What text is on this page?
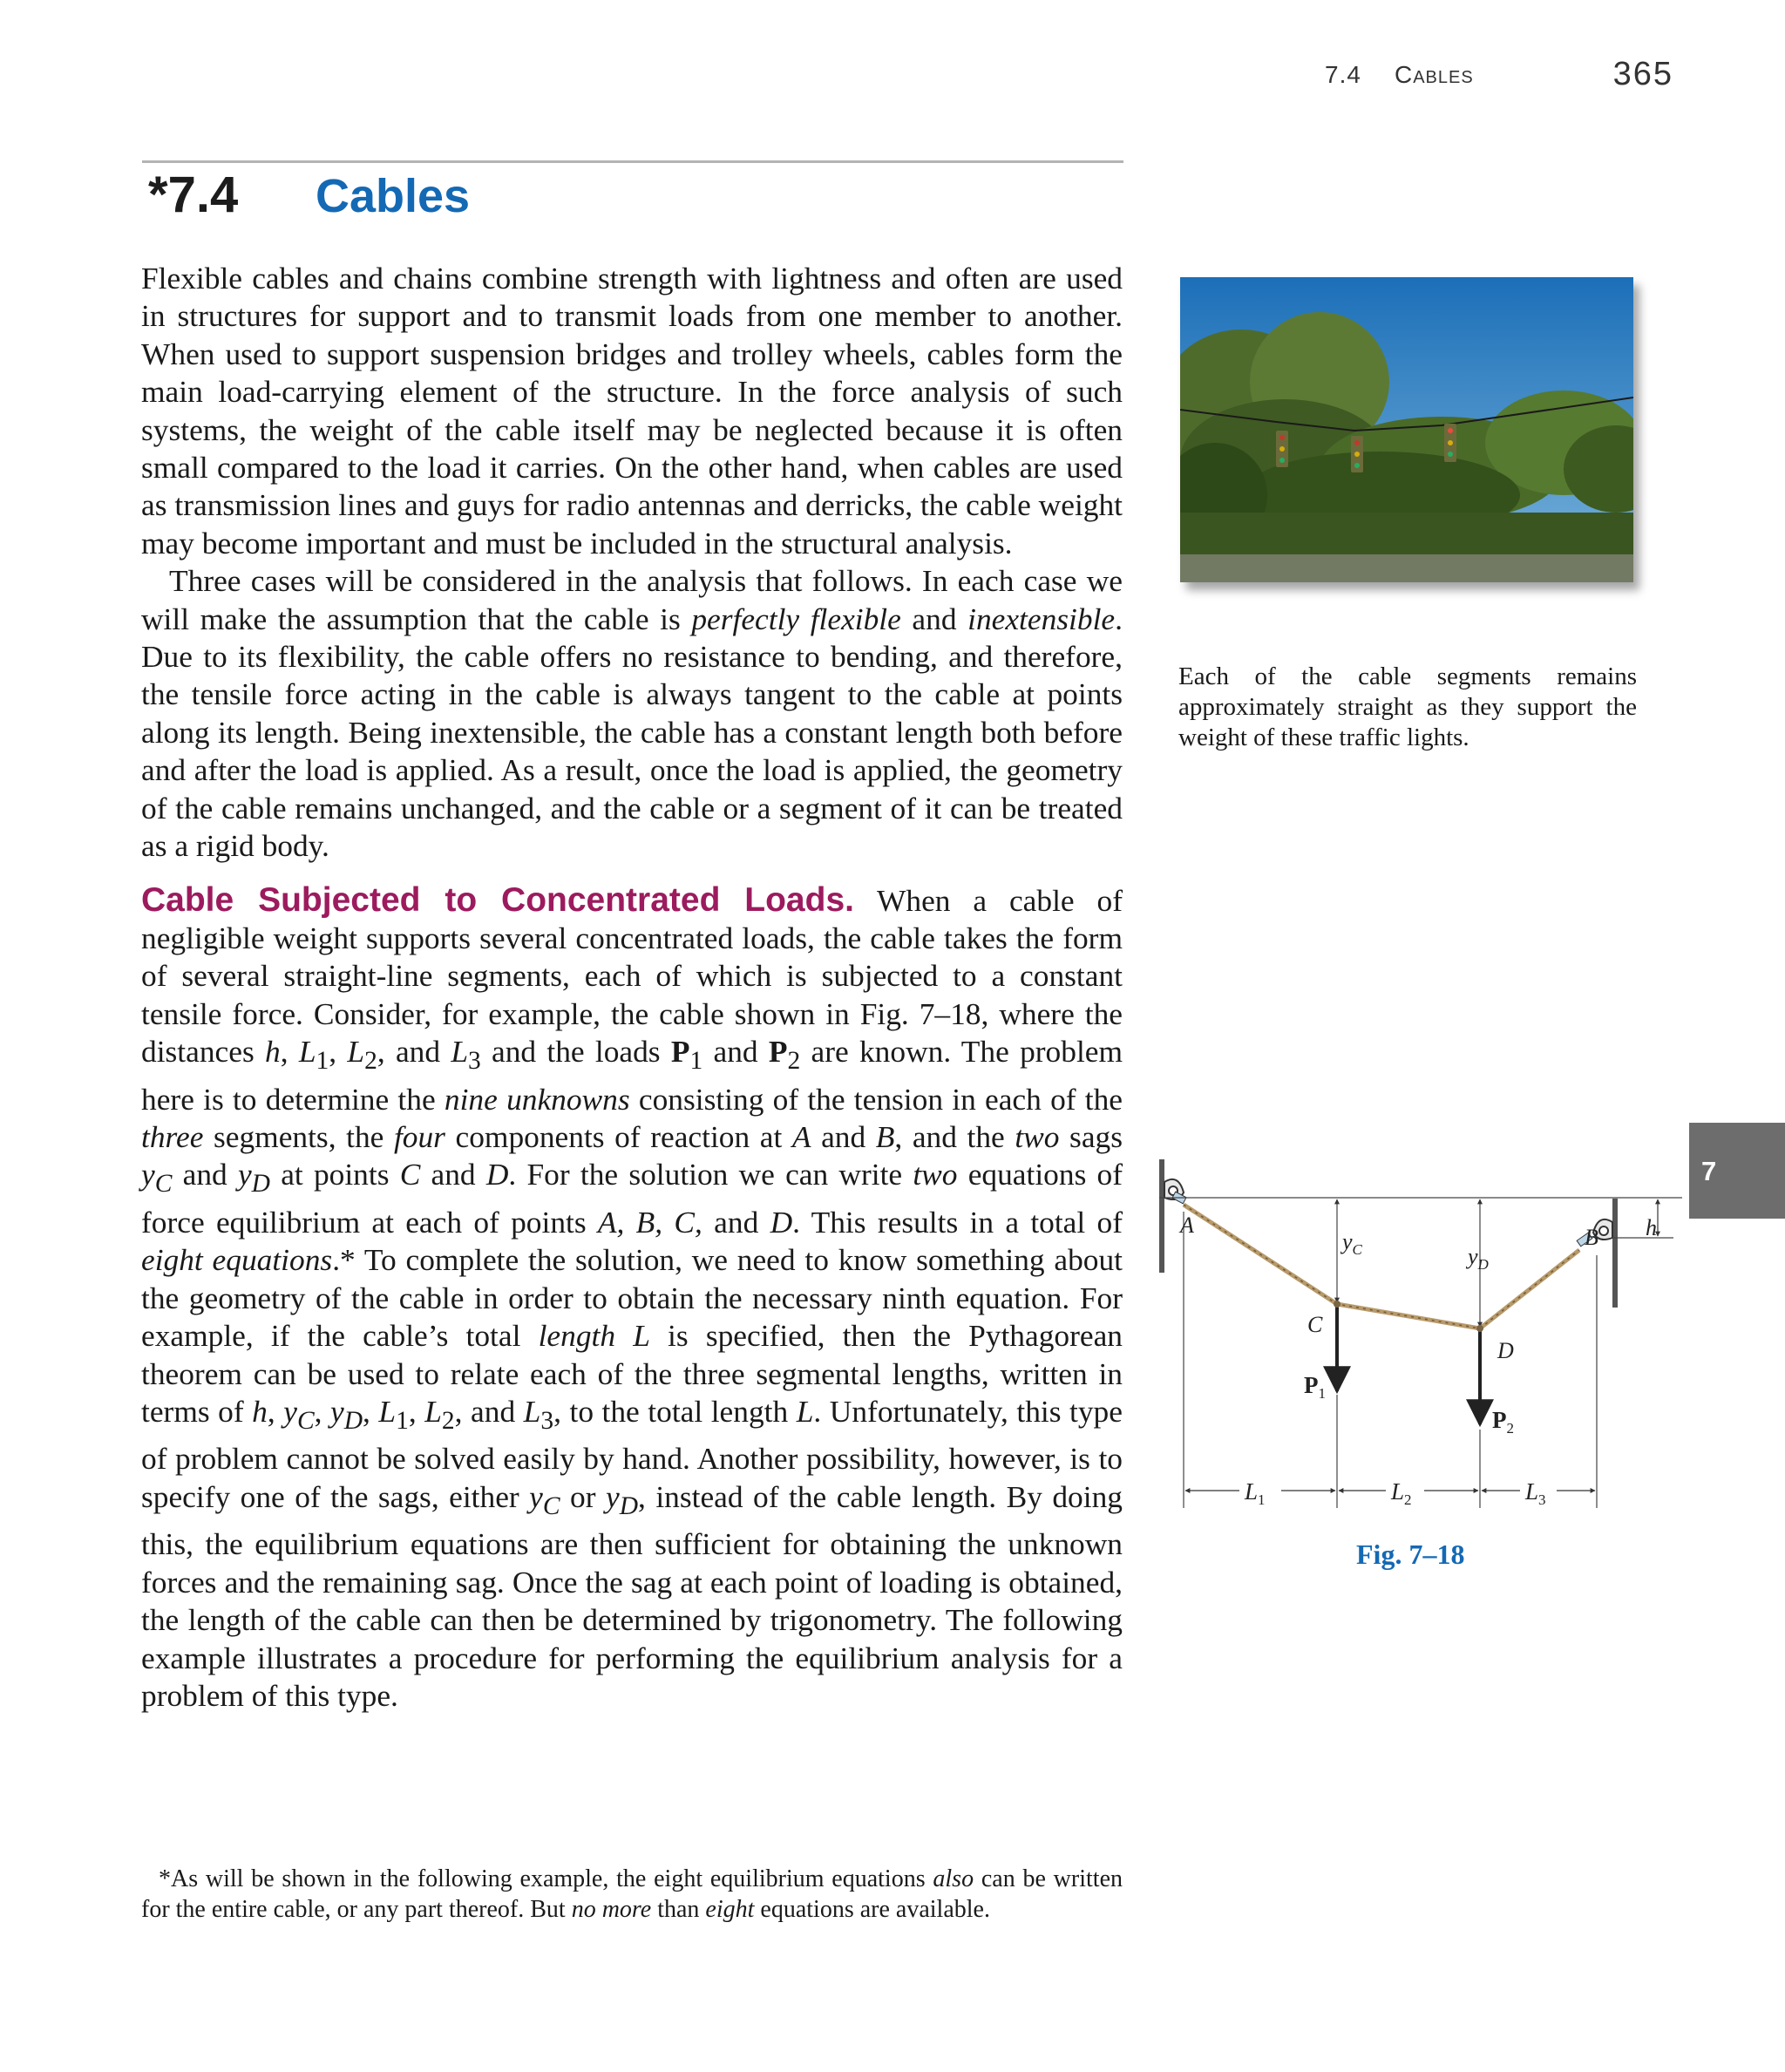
7.4 Cables	365
*7.4 Cables

Flexible cables and chains combine strength with lightness and often are used in structures for support and to transmit loads from one member to another. When used to support suspension bridges and trolley wheels, cables form the main load-carrying element of the structure. In the force analysis of such systems, the weight of the cable itself may be neglected because it is often small compared to the load it carries. On the other hand, when cables are used as transmission lines and guys for radio antennas and derricks, the cable weight may become important and must be included in the structural analysis.

Three cases will be considered in the analysis that follows. In each case we will make the assumption that the cable is perfectly flexible and inextensible. Due to its flexibility, the cable offers no resistance to bending, and therefore, the tensile force acting in the cable is always tangent to the cable at points along its length. Being inextensible, the cable has a constant length both before and after the load is applied. As a result, once the load is applied, the geometry of the cable remains unchanged, and the cable or a segment of it can be treated as a rigid body.

Cable Subjected to Concentrated Loads. When a cable of negligible weight supports several concentrated loads, the cable takes the form of several straight-line segments, each of which is subjected to a constant tensile force. Consider, for example, the cable shown in Fig. 7–18, where the distances h, $L_1$, $L_2$, and $L_3$ and the loads $P_1$ and $P_2$ are known. The problem here is to determine the nine unknowns consisting of the tension in each of the three segments, the four components of reaction at A and B, and the two sags $y_C$ and $y_D$ at points C and D. For the solution we can write two equations of force equilibrium at each of points A, B, C, and D. This results in a total of eight equations.* To complete the solution, we need to know something about the geometry of the cable in order to obtain the necessary ninth equation. For example, if the cable’s total length L is specified, then the Pythagorean theorem can be used to relate each of the three segmental lengths, written in terms of h, $y_C$, $y_D$, $L_1$, $L_2$, and $L_3$, to the total length L. Unfortunately, this type of problem cannot be solved easily by hand. Another possibility, however, is to specify one of the sags, either $y_C$ or $y_D$, instead of the cable length. By doing this, the equilibrium equations are then sufficient for obtaining the unknown forces and the remaining sag. Once the sag at each point of loading is obtained, the length of the cable can then be determined by trigonometry. The following example illustrates a procedure for performing the equilibrium analysis for a problem of this type.

*As will be shown in the following example, the eight equilibrium equations also can be written for the entire cable, or any part thereof. But no more than eight equations are available.

Each of the cable segments remains approximately straight as they support the weight of these traffic lights.

7
h
A	B
C
D
$y_C$	$y_D$
$P_1$
$P_2$
$L_1$	$L_2$	$L_3$
Fig. 7–18
